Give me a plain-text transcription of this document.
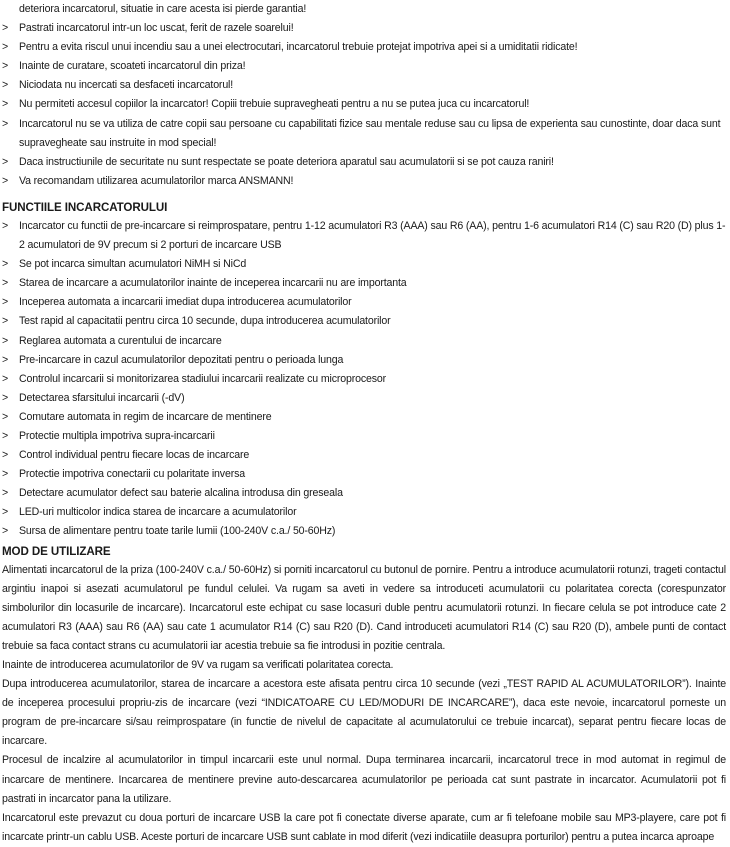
deteriora incarcatorul, situatie in care acesta isi pierde garantia!
> Pastrati incarcatorul intr-un loc uscat, ferit de razele soarelui!
> Pentru a evita riscul unui incendiu sau a unei electrocutari, incarcatorul trebuie protejat impotriva apei si a umiditatii ridicate!
> Inainte de curatare, scoateti incarcatorul din priza!
> Niciodata nu incercati sa desfaceti incarcatorul!
> Nu permiteti accesul copiilor la incarcator! Copiii trebuie supravegheati pentru a nu se putea juca cu incarcatorul!
> Incarcatorul nu se va utiliza de catre copii sau persoane cu capabilitati fizice sau mentale reduse sau cu lipsa de experienta sau cunostinte, doar daca sunt supravegheate sau instruite in mod special!
> Daca instructiunile de securitate nu sunt respectate se poate deteriora aparatul sau acumulatorii si se pot cauza raniri!
> Va recomandam utilizarea acumulatorilor marca ANSMANN!
FUNCTIILE INCARCATORULUI
> Incarcator cu functii de pre-incarcare si reimprospatare, pentru 1-12 acumulatori R3 (AAA) sau R6 (AA), pentru 1-6 acumulatori R14 (C) sau R20 (D) plus 1-2 acumulatori de 9V precum si 2 porturi de incarcare USB
> Se pot incarca simultan acumulatori NiMH si NiCd
> Starea de incarcare a acumulatorilor inainte de inceperea incarcarii nu are importanta
> Inceperea automata a incarcarii imediat dupa introducerea acumulatorilor
> Test rapid al capacitatii pentru circa 10 secunde, dupa introducerea acumulatorilor
> Reglarea automata a curentului de incarcare
> Pre-incarcare in cazul acumulatorilor depozitati pentru o perioada lunga
> Controlul incarcarii si monitorizarea stadiului incarcarii realizate cu microprocesor
> Detectarea sfarsitului incarcarii (-dV)
> Comutare automata in regim de incarcare de mentinere
> Protectie multipla impotriva supra-incarcarii
> Control individual pentru fiecare locas de incarcare
> Protectie impotriva conectarii cu polaritate inversa
> Detectare acumulator defect sau baterie alcalina introdusa din greseala
> LED-uri multicolor indica starea de incarcare a acumulatorilor
> Sursa de alimentare pentru toate tarile lumii (100-240V c.a./ 50-60Hz)
MOD DE UTILIZARE

Alimentati incarcatorul de la priza (100-240V c.a./ 50-60Hz) si porniti incarcatorul cu butonul de pornire. Pentru a introduce acumulatorii rotunzi, trageti contactul argintiu inapoi si asezati acumulatorul pe fundul celulei. Va rugam sa aveti in vedere sa introduceti acumulatorii cu polaritatea corecta (corespunzator simbolurilor din locasurile de incarcare). Incarcatorul este echipat cu sase locasuri duble pentru acumulatorii rotunzi. In fiecare celula se pot introduce cate 2 acumulatori R3 (AAA) sau R6 (AA) sau cate 1 acumulator R14 (C) sau R20 (D). Cand introduceti acumulatori R14 (C) sau R20 (D), ambele punti de contact trebuie sa faca contact strans cu acumulatorii iar acestia trebuie sa fie introdusi in pozitie centrala.

Inainte de introducerea acumulatorilor de 9V va rugam sa verificati polaritatea corecta.

Dupa introducerea acumulatorilor, starea de incarcare a acestora este afisata pentru circa 10 secunde (vezi „TEST RAPID AL ACUMULATORILOR”). Inainte de inceperea procesului propriu-zis de incarcare (vezi “INDICATOARE CU LED/MODURI DE INCARCARE”), daca este nevoie, incarcatorul porneste un program de pre-incarcare si/sau reimprospatare (in functie de nivelul de capacitate al acumulatorului ce trebuie incarcat), separat pentru fiecare locas de incarcare.

Procesul de incalzire al acumulatorilor in timpul incarcarii este unul normal. Dupa terminarea incarcarii, incarcatorul trece in mod automat in regimul de incarcare de mentinere. Incarcarea de mentinere previne auto-descarcarea acumulatorilor pe perioada cat sunt pastrate in incarcator. Acumulatorii pot fi pastrati in incarcator pana la utilizare.

Incarcatorul este prevazut cu doua porturi de incarcare USB la care pot fi conectate diverse aparate, cum ar fi telefoane mobile sau MP3-playere, care pot fi incarcate printr-un cablu USB. Aceste porturi de incarcare USB sunt cablate in mod diferit (vezi indicatiile deasupra porturilor) pentru a putea incarca aproape
